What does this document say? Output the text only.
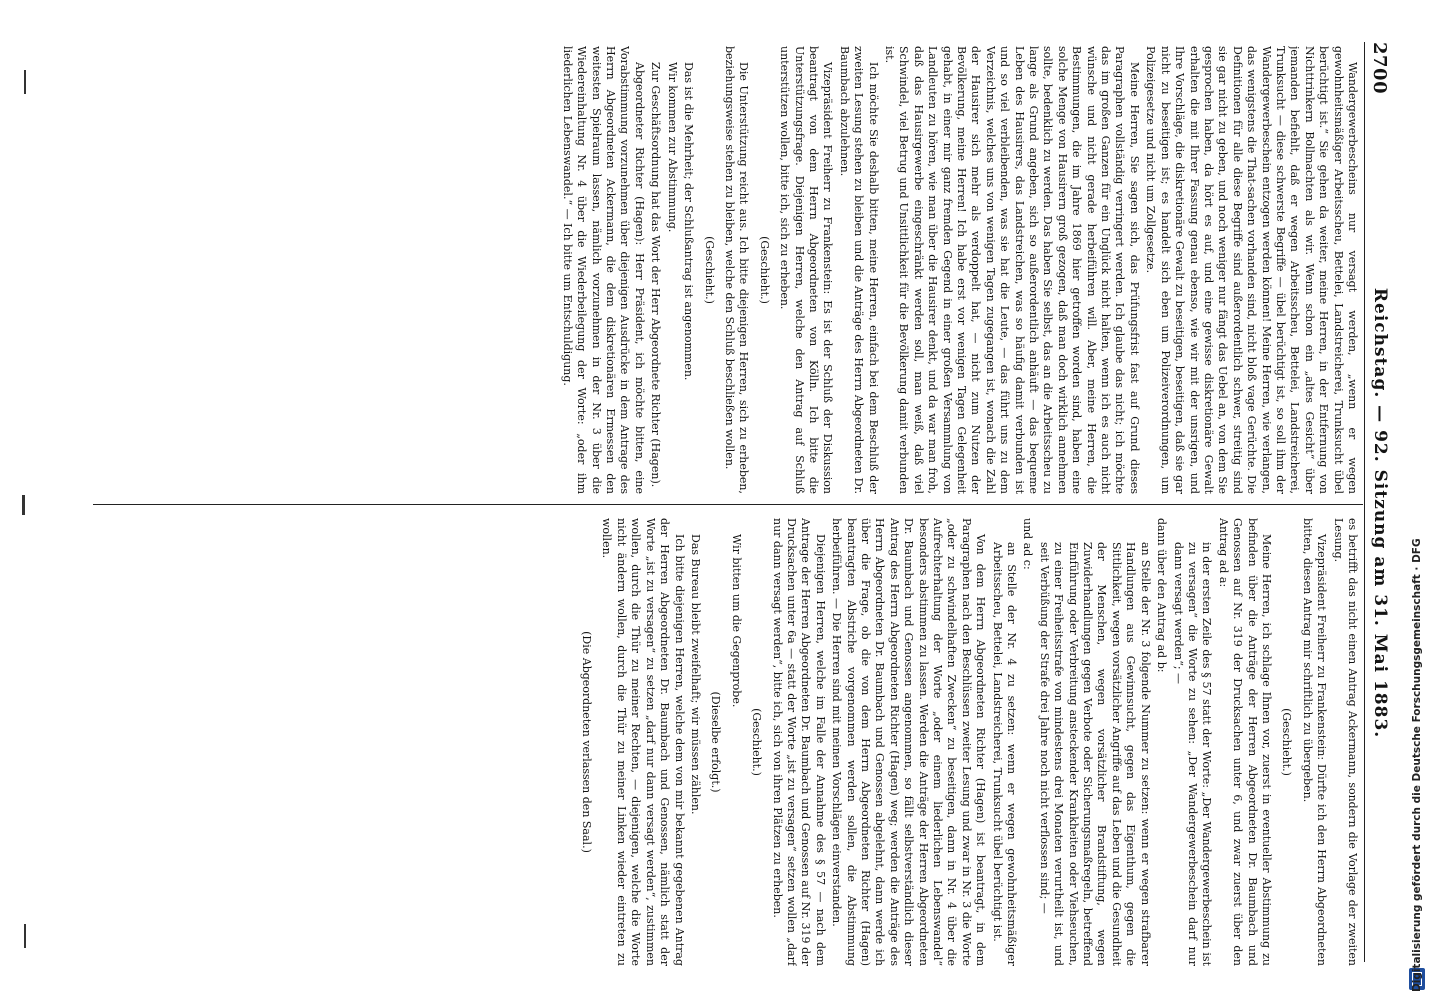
2700
Reichstag. — 92. Sitzung am 31. Mai 1883.

Wandergewerbescheins nur versagt werden, „wenn er wegen gewohnheitsmäßiger Arbeitsscheu, Bettelei, Landstreicherei, Trunksucht übel berüchtigt ist.“ Sie gehen da weiter, meine Herren, in der Entfernung von Nichttrinkern Bollmachten als wir. Wenn schon ein „altes Gesicht“ über jemanden befiehlt, daß er wegen Arbeitsscheu, Bettelei, Landstreicherei, Trunksucht — diese schwerste Begriffe — übel berüchtigt ist, so soll ihm der Wandergewerbeschein entzogen werden können! Meine Herren, wie verlangen, das wenigstens die That-sachen vorhanden sind, nicht bloß vage Gerüchte. Die Definitionen für alle diese Begriffe sind außerordentlich schwer, streitig sind sie gar nicht zu geben, und noch weniger nur fängt das Uebel an, von dem Sie gesprochen haben, da hört es auf, und eine gewisse diskretionäre Gewalt erhalten die mit Ihrer Fassung genau ebenso, wie wir mit der unsrigen, und Ihre Vorschläge, die diskretionäre Gewalt zu beseitigen, beseitigen, daß sie gar nicht zu beseitigen ist; es handelt sich eben um Polizeiverordnungen, um Polizeigesetze und nicht um Zollgesetze.

Meine Herren, Sie sagen sich, das Prüfungsfrist fast auf Grund dieses Paragraphen vollständig verringert werden. Ich glaube das nicht; ich möchte das im großen Ganzen für ein Unglück nicht halten, wenn ich es auch nicht wünsche und nicht gerade herbeiführen will. Aber, meine Herren, die Bestimmungen, die im Jahre 1869 hier getroffen worden sind, haben eine solche Menge von Hausirern groß gezogen, daß man doch wirklich annehmen sollte, bedenklich zu werden. Das haben Sie selbst, das an die Arbeitsscheu zu lange als Grund angeben, sich so außerordentlich anhäuft — das bequeme Leben des Hausirers, das Landstreichen, was so häufig damit verbunden ist und so viel verbleibenden, was sie hat die Leute, — das führt uns zu dem Verzeichnis, welches uns von wenigen Tagen zugegangen ist, wonach die Zahl der Hausirer sich mehr als verdoppelt hat, — nicht zum Nutzen der Bevölkerung, meine Herren! Ich habe erst vor wenigen Tagen Gelegenheit gehabt, in einer mir ganz fremden Gegend in einer großen Versammlung von Landleuten zu hören, wie man über die Hausirer denkt, und da war man froh, daß das Hausirgewerbe eingeschränkt werden soll, man weiß, daß viel Schwindel, viel Betrug und Unsittlichkeit für die Bevölkerung damit verbunden ist.

Ich möchte Sie deshalb bitten, meine Herren, einfach bei dem Beschluß der zweiten Lesung stehen zu bleiben und die Anträge des Herrn Abgeordneten Dr. Baumbach abzulehnen.

Vizepräsident Freiherr zu Frankenstein: Es ist der Schluß der Diskussion beantragt von dem Herrn Abgeordneten von Kölln. Ich bitte die Unterstützungsfrage. Diejenigen Herren, welche den Antrag auf Schluß unterstützen wollen, bitte ich, sich zu erheben.

(Geschieht.)

Die Unterstützung reicht aus. Ich bitte diejenigen Herren, sich zu erheben, beziehungsweise stehen zu bleiben, welche den Schluß beschließen wollen.

(Geschieht.)

Das ist die Mehrheit; der Schlußantrag ist angenommen.

Wir kommen zur Abstimmung.

Zur Geschäftsordnung hat das Wort der Herr Abgeordnete Richter (Hagen).

Abgeordneter Richter (Hagen): Herr Präsident, ich möchte bitten, eine Vorabstimmung vorzunehmen über diejenigen Ausdrücke in dem Antrage des Herrn Abgeordneten Ackermann, die dem diskretionären Ermessen den weitesten Spielraum lassen, nämlich vorzunehmen in der Nr. 3 über die Wiedereinhaltung Nr. 4 über die Wiederbeilegung der Worte: „oder ihm liederlichen Lebenswandel.“ — Ich bitte um Entschuldigung.

es betrifft das nicht einen Antrag Ackermann, sondern die Vorlage der zweiten Lesung.

Vizepräsident Freiherr zu Frankenstein: Dürfte ich den Herrn Abgeordneten bitten, diesen Antrag mir schriftlich zu übergeben.

(Geschieht.)

Meine Herren, ich schlage Ihnen vor, zuerst in eventueller Abstimmung zu befinden über die Anträge der Herren Abgeordneten Dr. Baumbach und Genossen auf Nr. 319 der Drucksachen unter 6, und zwar zuerst über den Antrag ad a:

in der ersten Zeile des § 57 statt der Worte: „Der Wandergewerbeschein ist zu versagen“ die Worte zu sehen: „Der Wandergewerbeschein darf nur dann versagt werden“; —

dann über den Antrag ad b:

an Stelle der Nr. 3 folgende Nummer zu setzen: wenn er wegen strafbarer Handlungen aus Gewinnsucht, gegen das Eigenthum, gegen die Sittlichkeit, wegen vorsätzlicher Angriffe auf das Leben und die Gesundheit der Menschen, wegen vorsätzlicher Brandstiftung, wegen Zuwiderhandlungen gegen Verbote oder Sicherungsmaßregeln, betreffend Einführung oder Verbreitung ansteckender Krankheiten oder Viehseuchen, zu einer Freiheitsstrafe von mindestens drei Monaten verurtheilt ist, und seit Verbüßung der Strafe drei Jahre noch nicht verflossen sind; —

und ad c:

an Stelle der Nr. 4 zu setzen: wenn er wegen gewohnheitsmäßiger Arbeitsscheu, Bettelei, Landstreicherei, Trunksucht übel berüchtigt ist.

Von dem Herrn Abgeordneten Richter (Hagen) ist beantragt, in dem Paragraphen nach den Beschlüssen zweiter Lesung und zwar in Nr. 3 die Worte „oder zu schwindelhaften Zwecken“ zu beseitigen, dann in Nr. 4 über die Aufrechterhaltung der Worte „oder einem liederlichen Lebenswandel“ besonders abstimmen zu lassen. Werden die Anträge der Herren Abgeordneten Dr. Baumbach und Genossen angenommen, so fällt selbstverständlich dieser Antrag des Herrn Abgeordneten Richter (Hagen) weg; werden die Anträge des Herrn Abgeordneten Dr. Baumbach und Genossen abgelehnt, dann werde ich über die Frage, ob die von dem Herrn Abgeordneten Richter (Hagen) beantragten Abstriche vorgenommen werden sollen, die Abstimmung herbeiführen. — Die Herren sind mit meinen Vorschlägen einverstanden.

Diejenigen Herren, welche im Falle der Annahme des § 57 — nach dem Antrage der Herren Abgeordneten Dr. Baumbach und Genossen auf Nr. 319 der Drucksachen unter 6a — statt der Worte „ist zu versagen“ setzen wollen „darf nur dann versagt werden“, bitte ich, sich von ihren Plätzen zu erheben.

(Geschieht.)

Wir bitten um die Gegenprobe.

(Dieselbe erfolgt.)

Das Bureau bleibt zweifelhaft; wir müssen zählen.

Ich bitte diejenigen Herren, welche dem von mir bekannt gegebenen Antrag der Herren Abgeordneten Dr. Baumbach und Genossen, nämlich statt der Worte „ist zu versagen“ zu setzen „darf nur dann versagt werden“, zustimmen wollen, durch die Thür zu meiner Rechten, — diejenigen, welche die Worte nicht ändern wollen, durch die Thür zu meiner Linken wieder eintreten zu wollen.

(Die Abgeordneten verlassen den Saal.)	Digitalisierung gefördert durch die Deutsche Forschungsgemeinschaft · DFG
